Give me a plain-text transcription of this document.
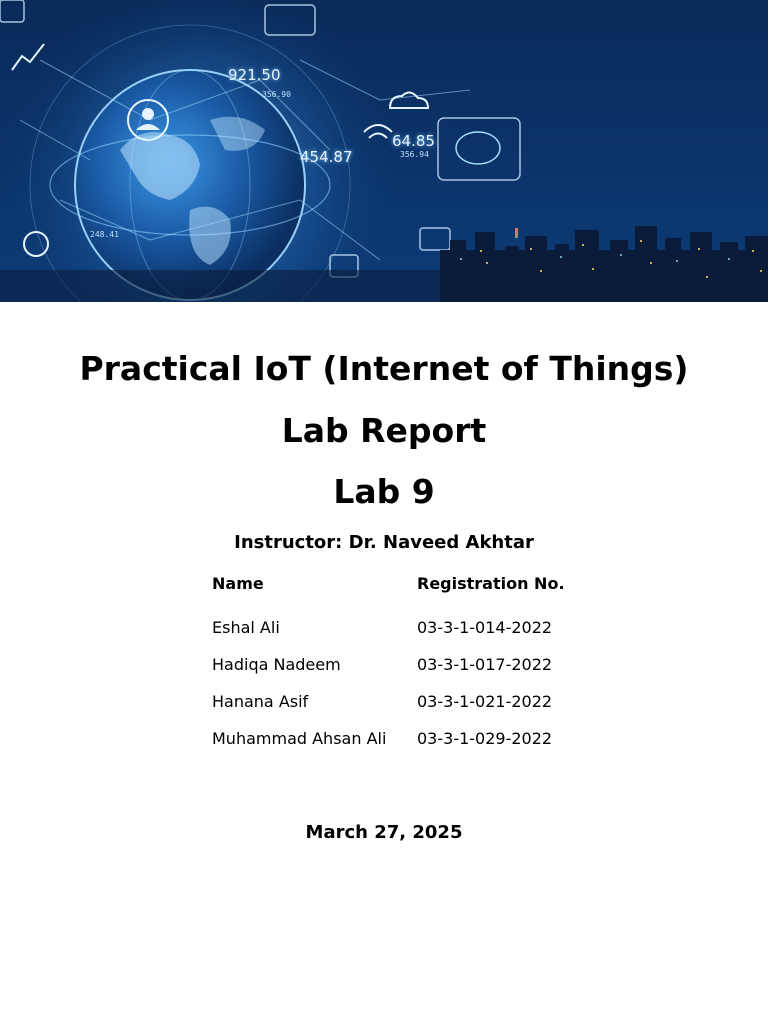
921.50
454.87
64.85
356.94
356.90
248.41
Practical IoT (Internet of Things)
Lab Report
Lab 9
Instructor: Dr. Naveed Akhtar
Name	Registration No.
Eshal Ali	03-3-1-014-2022
Hadiqa Nadeem	03-3-1-017-2022
Hanana Asif	03-3-1-021-2022
Muhammad Ahsan Ali	03-3-1-029-2022
March 27, 2025
